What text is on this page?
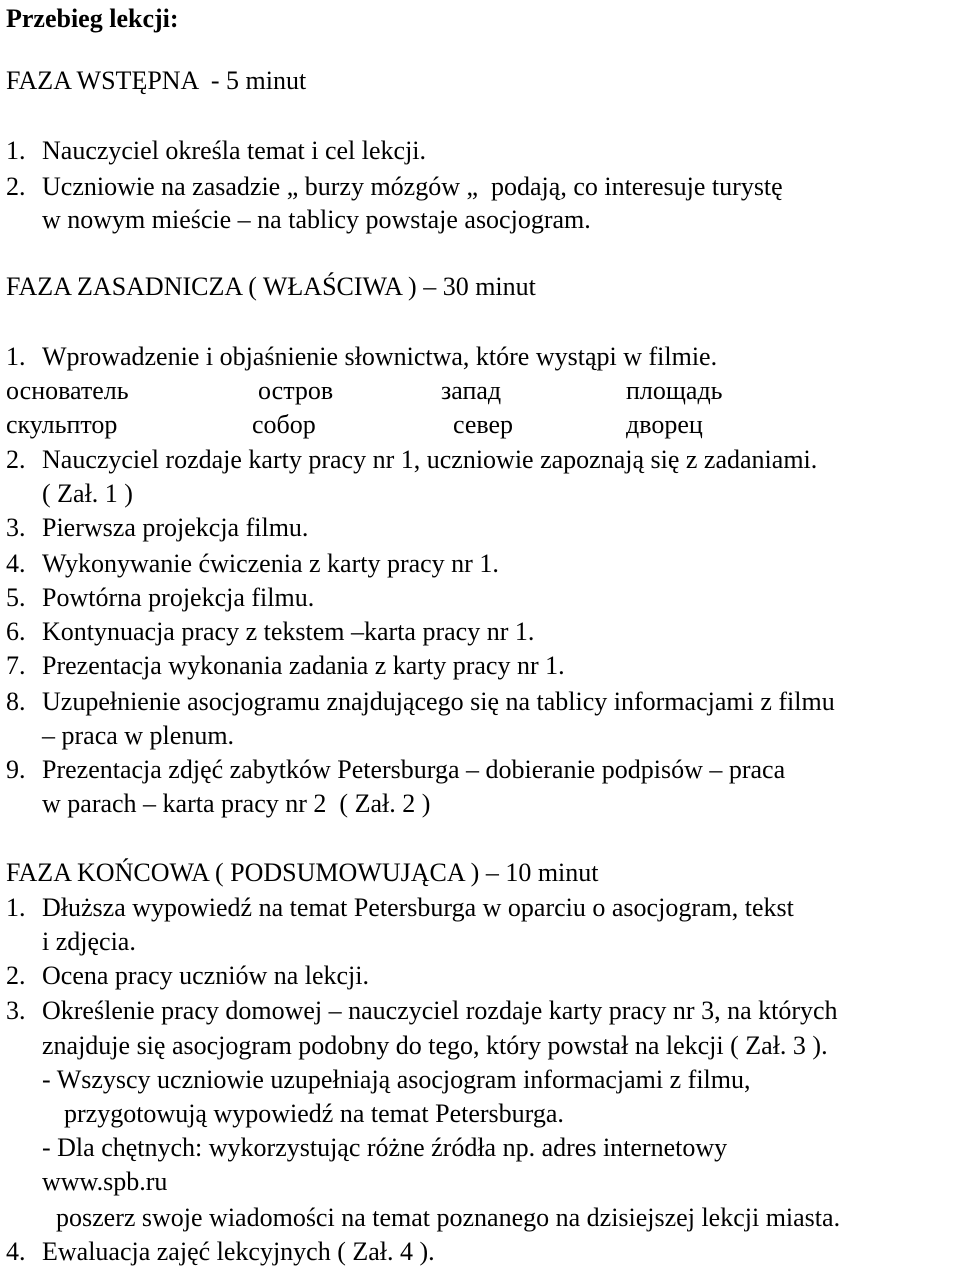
Przebieg lekcji:
FAZA WSTĘPNA  - 5 minut
1. Nauczyciel określa temat i cel lekcji.
2. Uczniowie na zasadzie „ burzy mózgów „  podają, co interesuje turystę
w nowym mieście – na tablicy powstaje asocjogram.
FAZA ZASADNICZA ( WŁAŚCIWA ) – 30 minut
1. Wprowadzenie i objaśnienie słownictwa, które wystąpi w filmie.
основатель	остров	запад	площадь
скульптор	собор	север	дворец
2. Nauczyciel rozdaje karty pracy nr 1, uczniowie zapoznają się z zadaniami.
( Zał. 1 )
3. Pierwsza projekcja filmu.
4. Wykonywanie ćwiczenia z karty pracy nr 1.
5. Powtórna projekcja filmu.
6. Kontynuacja pracy z tekstem –karta pracy nr 1.
7. Prezentacja wykonania zadania z karty pracy nr 1.
8. Uzupełnienie asocjogramu znajdującego się na tablicy informacjami z filmu
– praca w plenum.
9. Prezentacja zdjęć zabytków Petersburga – dobieranie podpisów – praca
w parach – karta pracy nr 2  ( Zał. 2 )
FAZA KOŃCOWA ( PODSUMOWUJĄCA ) – 10 minut
1. Dłuższa wypowiedź na temat Petersburga w oparciu o asocjogram, tekst
i zdjęcia.
2. Ocena pracy uczniów na lekcji.
3. Określenie pracy domowej – nauczyciel rozdaje karty pracy nr 3, na których
znajduje się asocjogram podobny do tego, który powstał na lekcji ( Zał. 3 ).
- Wszyscy uczniowie uzupełniają asocjogram informacjami z filmu,
przygotowują wypowiedź na temat Petersburga.
- Dla chętnych: wykorzystując różne źródła np. adres internetowy
www.spb.ru
poszerz swoje wiadomości na temat poznanego na dzisiejszej lekcji miasta.
4. Ewaluacja zajęć lekcyjnych ( Zał. 4 ).
